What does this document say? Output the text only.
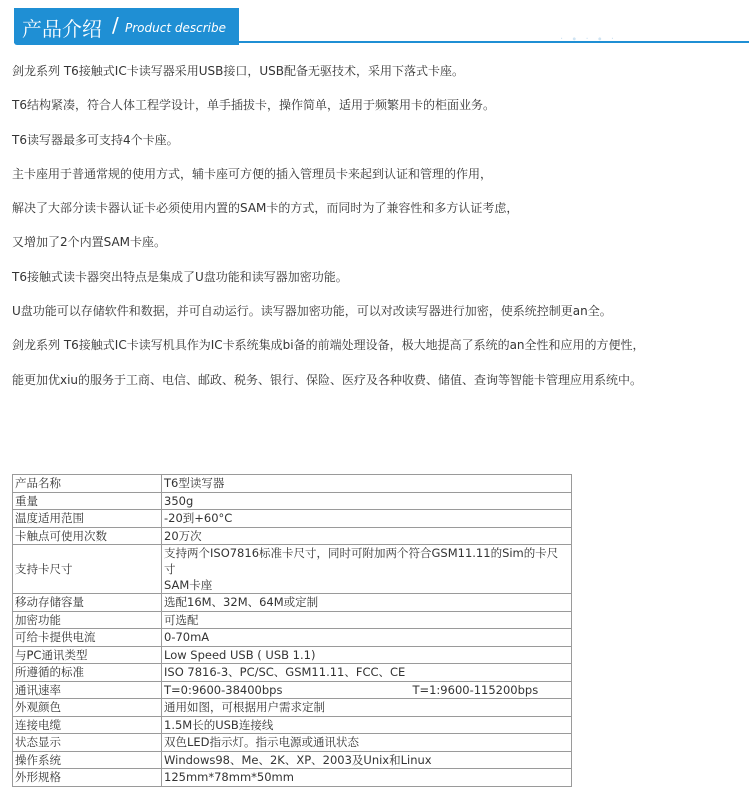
产品介绍 / Product describe
·∙·∙·

剑龙系列 T6接触式IC卡读写器采用USB接口，USB配备无驱技术，采用下落式卡座。

T6结构紧凑，符合人体工程学设计，单手插拔卡，操作简单，适用于频繁用卡的柜面业务。

T6读写器最多可支持4个卡座。

主卡座用于普通常规的使用方式，辅卡座可方便的插入管理员卡来起到认证和管理的作用，

解决了大部分读卡器认证卡必须使用内置的SAM卡的方式，而同时为了兼容性和多方认证考虑，

又增加了2个内置SAM卡座。

T6接触式读卡器突出特点是集成了U盘功能和读写器加密功能。

U盘功能可以存储软件和数据，并可自动运行。读写器加密功能，可以对改读写器进行加密，使系统控制更an全。

剑龙系列 T6接触式IC卡读写机具作为IC卡系统集成bi备的前端处理设备，极大地提高了系统的an全性和应用的方便性，

能更加优xiu的服务于工商、电信、邮政、税务、银行、保险、医疗及各种收费、储值、查询等智能卡管理应用系统中。

产品名称	T6型读写器
重量	350g
温度适用范围	-20到+60°C
卡触点可使用次数	20万次
支持卡尺寸	支持两个ISO7816标准卡尺寸，同时可附加两个符合GSM11.11的Sim的卡尺寸
SAM卡座

移动存储容量	选配16M、32M、64M或定制
加密功能	可选配
可给卡提供电流	0-70mA
与PC通讯类型	Low Speed USB ( USB 1.1)
所遵循的标准	ISO 7816-3、PC/SC、GSM11.11、FCC、CE
通讯速率	T=0:9600-38400bps T=1:9600-115200bps
外观颜色	通用如图，可根据用户需求定制
连接电缆	1.5M长的USB连接线
状态显示	双色LED指示灯。指示电源或通讯状态
操作系统	Windows98、Me、2K、XP、2003及Unix和Linux
外形规格	125mm*78mm*50mm
